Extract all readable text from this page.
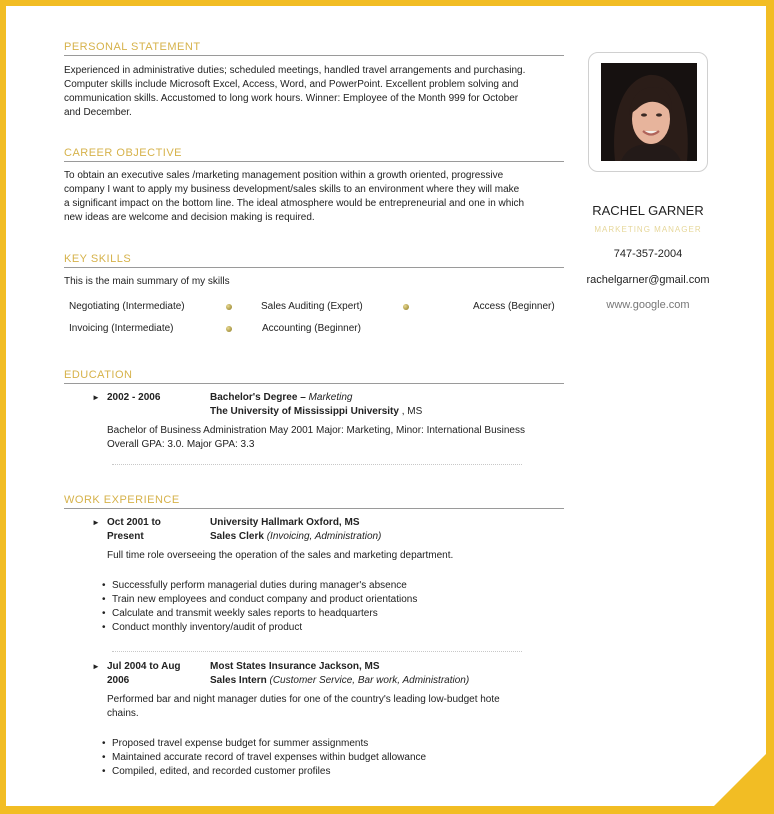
PERSONAL STATEMENT
Experienced in administrative duties; scheduled meetings, handled travel arrangements and purchasing.
Computer skills include Microsoft Excel, Access, Word, and PowerPoint. Excellent problem solving and
communication skills. Accustomed to long work hours. Winner: Employee of the Month 999 for October
and December.
CAREER OBJECTIVE
To obtain an executive sales /marketing management position within a growth oriented, progressive
company I want to apply my business development/sales skills to an environment where they will make
a significant impact on the bottom line. The ideal atmosphere would be entrepreneurial and one in which
new ideas are welcome and decision making is required.
KEY SKILLS
This is the main summary of my skills
Negotiating (Intermediate)	Sales Auditing (Expert)	Access (Beginner)
Invoicing (Intermediate)	Accounting (Beginner)
EDUCATION
► 2002 - 2006	Bachelor's Degree – Marketing
The University of Mississippi University , MS
Bachelor of Business Administration May 2001 Major: Marketing, Minor: International Business
Overall GPA: 3.0. Major GPA: 3.3
WORK EXPERIENCE
► Oct 2001 to
Present
University Hallmark Oxford, MS
Sales Clerk (Invoicing, Administration)
Full time role overseeing the operation of the sales and marketing department.
• Successfully perform managerial duties during manager's absence
• Train new employees and conduct company and product orientations
• Calculate and transmit weekly sales reports to headquarters
• Conduct monthly inventory/audit of product
► Jul 2004 to Aug
2006
Most States Insurance Jackson, MS
Sales Intern (Customer Service, Bar work, Administration)
Performed bar and night manager duties for one of the country's leading low-budget hote
chains.
• Proposed travel expense budget for summer assignments
• Maintained accurate record of travel expenses within budget allowance
• Compiled, edited, and recorded customer profiles
RACHEL GARNER
MARKETING MANAGER
747-357-2004
rachelgarner@gmail.com
www.google.com
